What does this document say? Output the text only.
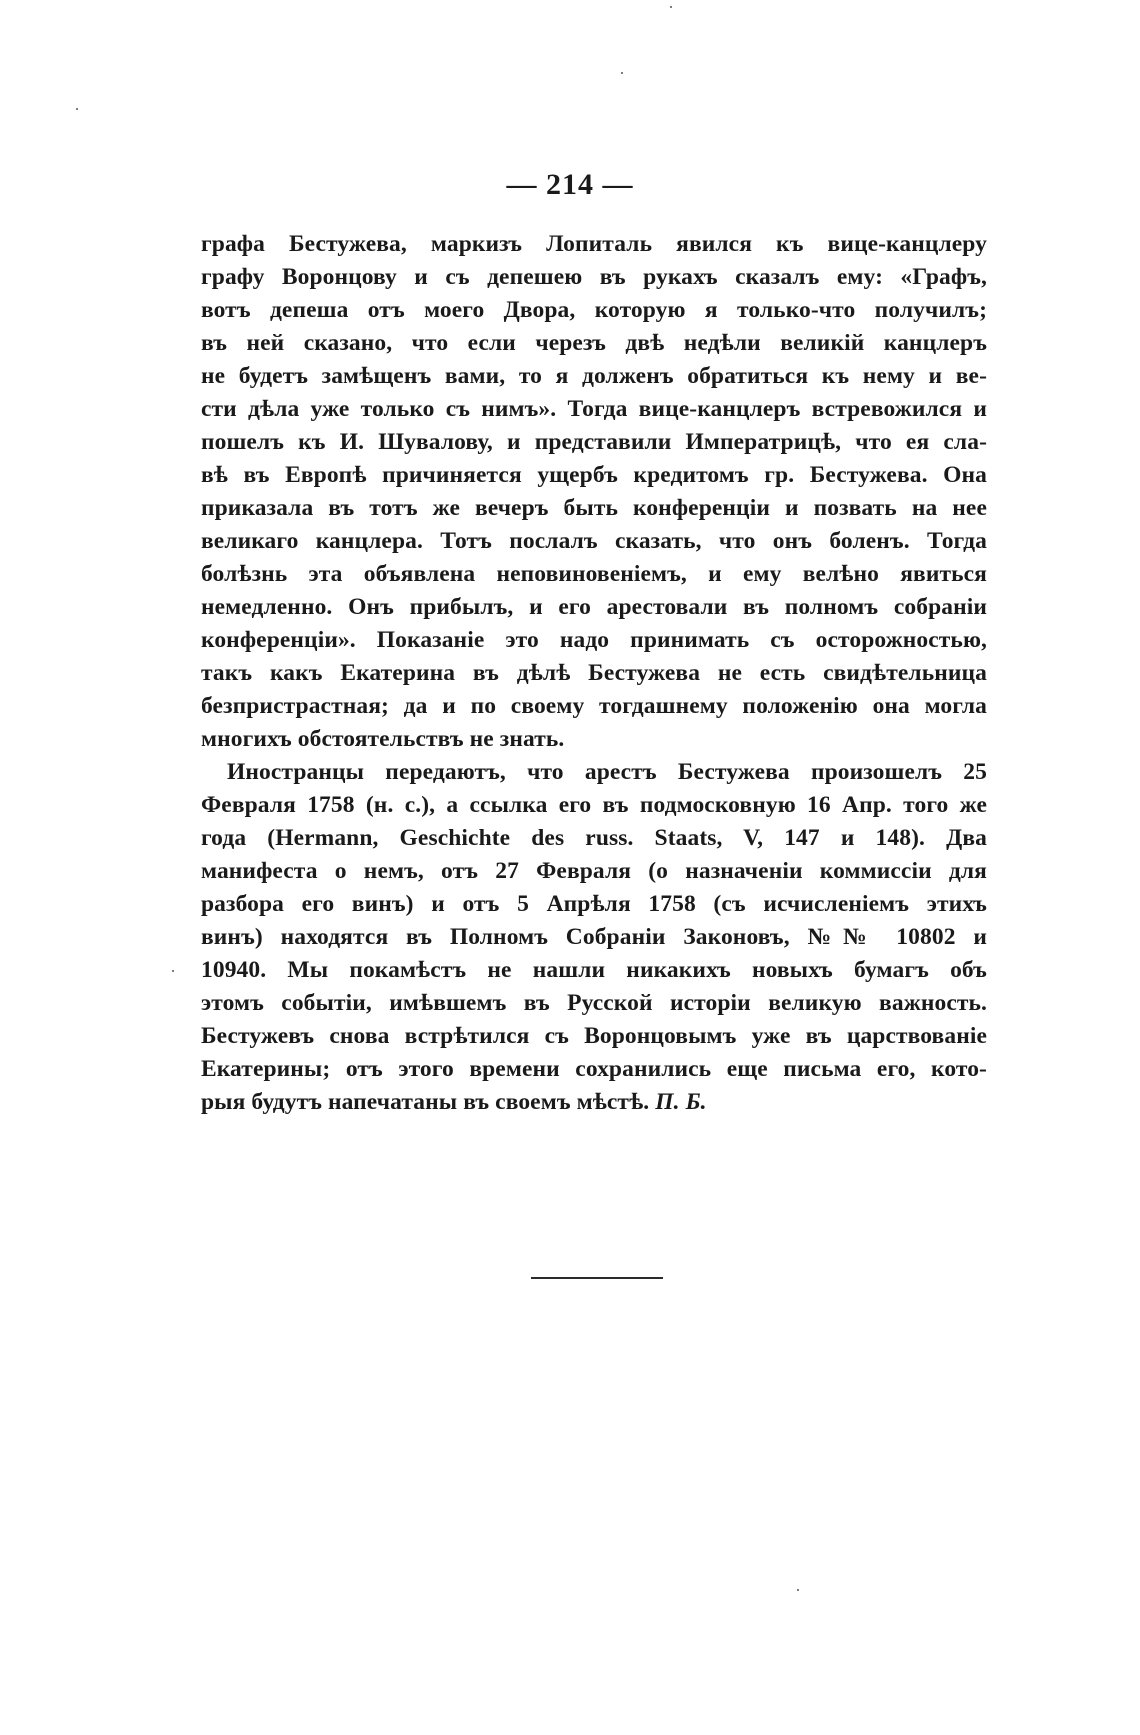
— 214 —
графа Бестужева, маркизъ Лопиталь явился къ вице-канцлеру
графу Воронцову и съ депешею въ рукахъ сказалъ ему: «Графъ,
вотъ депеша отъ моего Двора, которую я только-что получилъ;
въ ней сказано, что если черезъ двѣ недѣли великій канцлеръ
не будетъ замѣщенъ вами, то я долженъ обратиться къ нему и ве-
сти дѣла уже только съ нимъ». Тогда вице-канцлеръ встревожился и
пошелъ къ И. Шувалову, и представили Императрицѣ, что ея сла-
вѣ въ Европѣ причиняется ущербъ кредитомъ гр. Бестужева. Она
приказала въ тотъ же вечеръ быть конференціи и позвать на нее
великаго канцлера. Тотъ послалъ сказать, что онъ боленъ. Тогда
болѣзнь эта объявлена неповиновеніемъ, и ему велѣно явиться
немедленно. Онъ прибылъ, и его арестовали въ полномъ собраніи
конференціи». Показаніе это надо принимать съ осторожностью,
такъ какъ Екатерина въ дѣлѣ Бестужева не есть свидѣтельница
безпристрастная; да и по своему тогдашнему положенію она могла
многихъ обстоятельствъ не знать.
Иностранцы передаютъ, что арестъ Бестужева произошелъ 25
Февраля 1758 (н. с.), а ссылка его въ подмосковную 16 Апр. того же
года (Hermann, Geschichte des russ. Staats, V, 147 и 148). Два
манифеста о немъ, отъ 27 Февраля (о назначеніи коммиссіи для
разбора его винъ) и отъ 5 Апрѣля 1758 (съ исчисленіемъ этихъ
винъ) находятся въ Полномъ Собраніи Законовъ, №№ 10802 и
10940. Мы покамѣстъ не нашли никакихъ новыхъ бумагъ объ
этомъ событіи, имѣвшемъ въ Русской исторіи великую важность.
Бестужевъ снова встрѣтился съ Воронцовымъ уже въ царствованіе
Екатерины; отъ этого времени сохранились еще письма его, кото-
рыя будутъ напечатаны въ своемъ мѣстѣ. П. Б.
